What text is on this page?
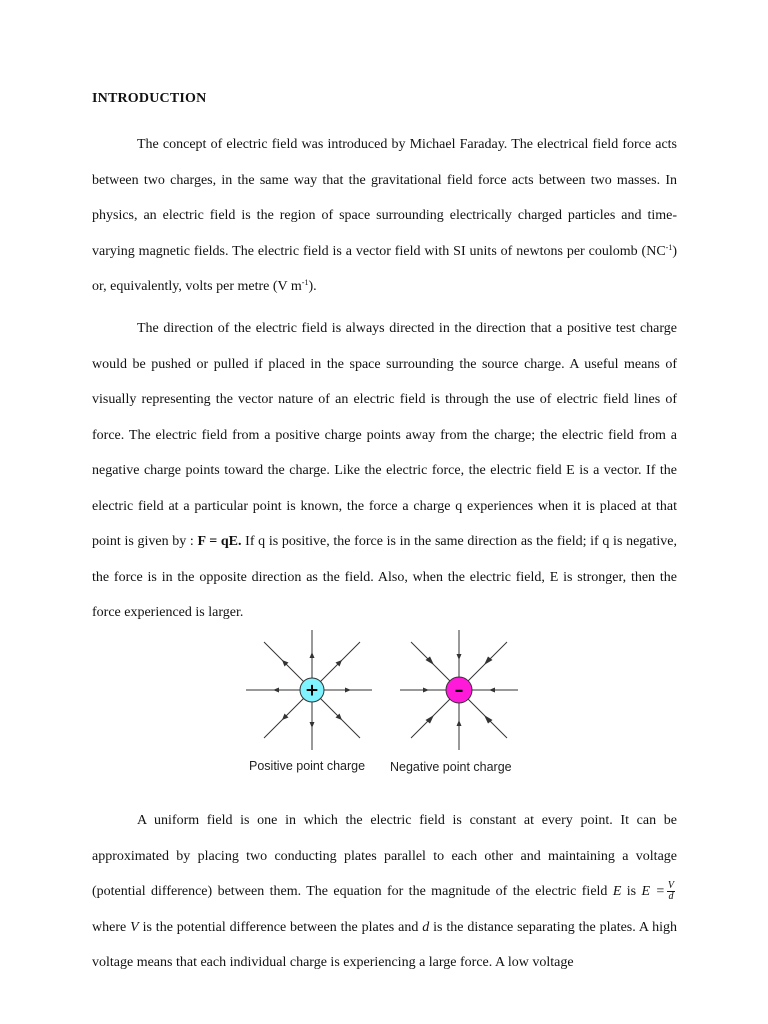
INTRODUCTION

The concept of electric field was introduced by Michael Faraday. The electrical field force acts between two charges, in the same way that the gravitational field force acts between two masses. In physics, an electric field is the region of space surrounding electrically charged particles and time-varying magnetic fields. The electric field is a vector field with SI units of newtons per coulomb $(NC^{-1})$ or, equivalently, volts per metre (V $m^{-1}$).

The direction of the electric field is always directed in the direction that a positive test charge would be pushed or pulled if placed in the space surrounding the source charge. A useful means of visually representing the vector nature of an electric field is through the use of electric field lines of force. The electric field from a positive charge points away from the charge; the electric field from a negative charge points toward the charge. Like the electric force, the electric field E is a vector. If the electric field at a particular point is known, the force a charge q experiences when it is placed at that point is given by : F = qE. If q is positive, the force is in the same direction as the field; if q is negative, the force is in the opposite direction as the field. Also, when the electric field, E is stronger, then the force experienced is larger.

+	–
Positive point charge Negative point charge

A uniform field is one in which the electric field is constant at every point. It can be approximated by placing two conducting plates parallel to each other and maintaining a voltage (potential difference) between them. The equation for the magnitude of the electric field E is $E = \frac{V}{d}$
where V is the potential difference between the plates and d is the distance separating the plates. A high voltage means that each individual charge is experiencing a large force. A low voltage
